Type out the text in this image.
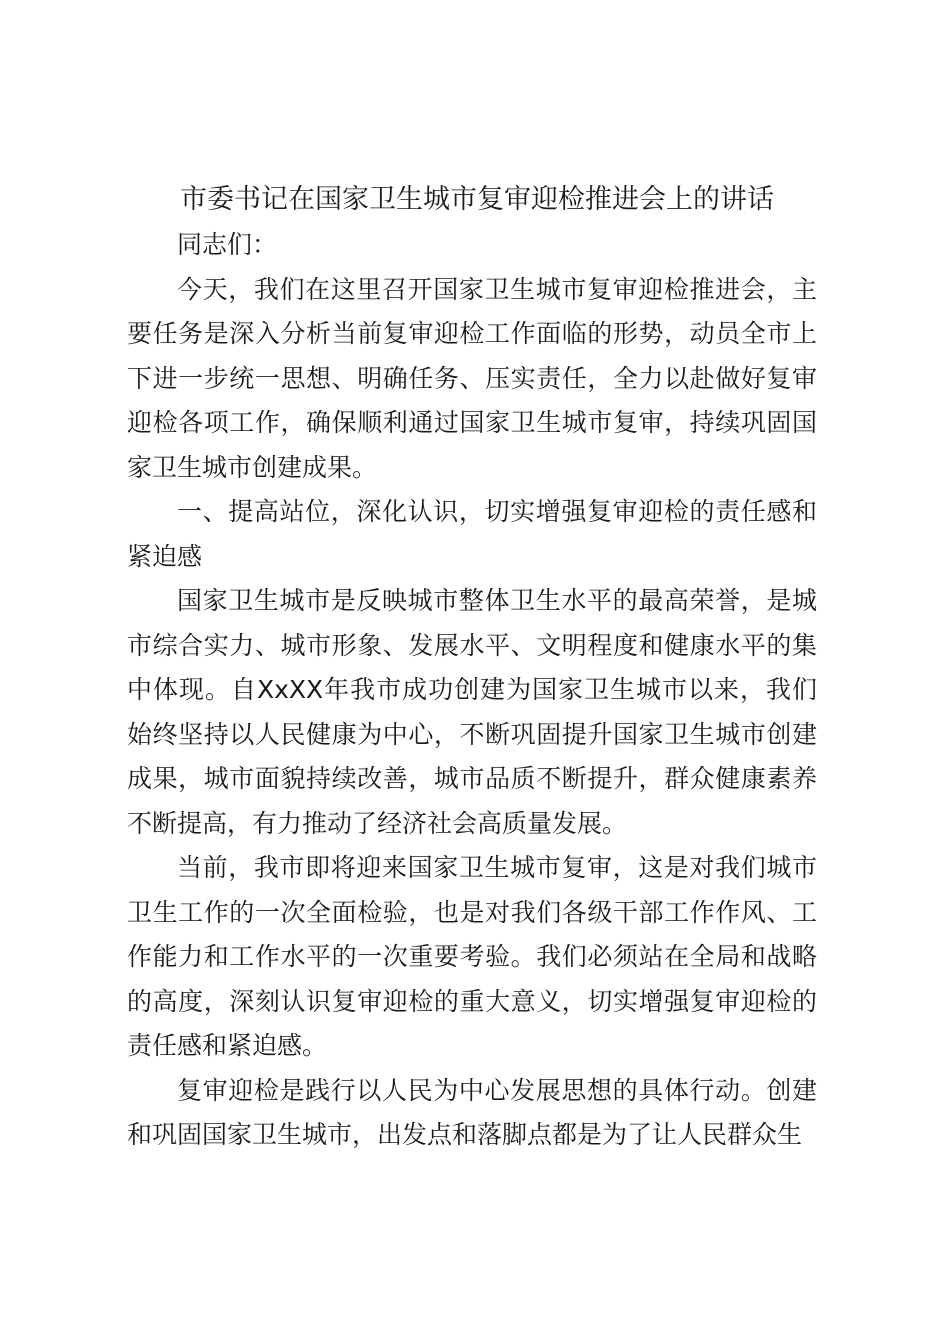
市委书记在国家卫生城市复审迎检推进会上的讲话

同志们：

今天，我们在这里召开国家卫生城市复审迎检推进会，主要任务是深入分析当前复审迎检工作面临的形势，动员全市上下进一步统一思想、明确任务、压实责任，全力以赴做好复审迎检各项工作，确保顺利通过国家卫生城市复审，持续巩固国家卫生城市创建成果。

一、提高站位，深化认识，切实增强复审迎检的责任感和紧迫感

国家卫生城市是反映城市整体卫生水平的最高荣誉，是城市综合实力、城市形象、发展水平、文明程度和健康水平的集中体现。自XxXX年我市成功创建为国家卫生城市以来，我们始终坚持以人民健康为中心，不断巩固提升国家卫生城市创建成果，城市面貌持续改善，城市品质不断提升，群众健康素养不断提高，有力推动了经济社会高质量发展。

当前，我市即将迎来国家卫生城市复审，这是对我们城市卫生工作的一次全面检验，也是对我们各级干部工作作风、工作能力和工作水平的一次重要考验。我们必须站在全局和战略的高度，深刻认识复审迎检的重大意义，切实增强复审迎检的责任感和紧迫感。

复审迎检是践行以人民为中心发展思想的具体行动。创建和巩固国家卫生城市，出发点和落脚点都是为了让人民群众生
